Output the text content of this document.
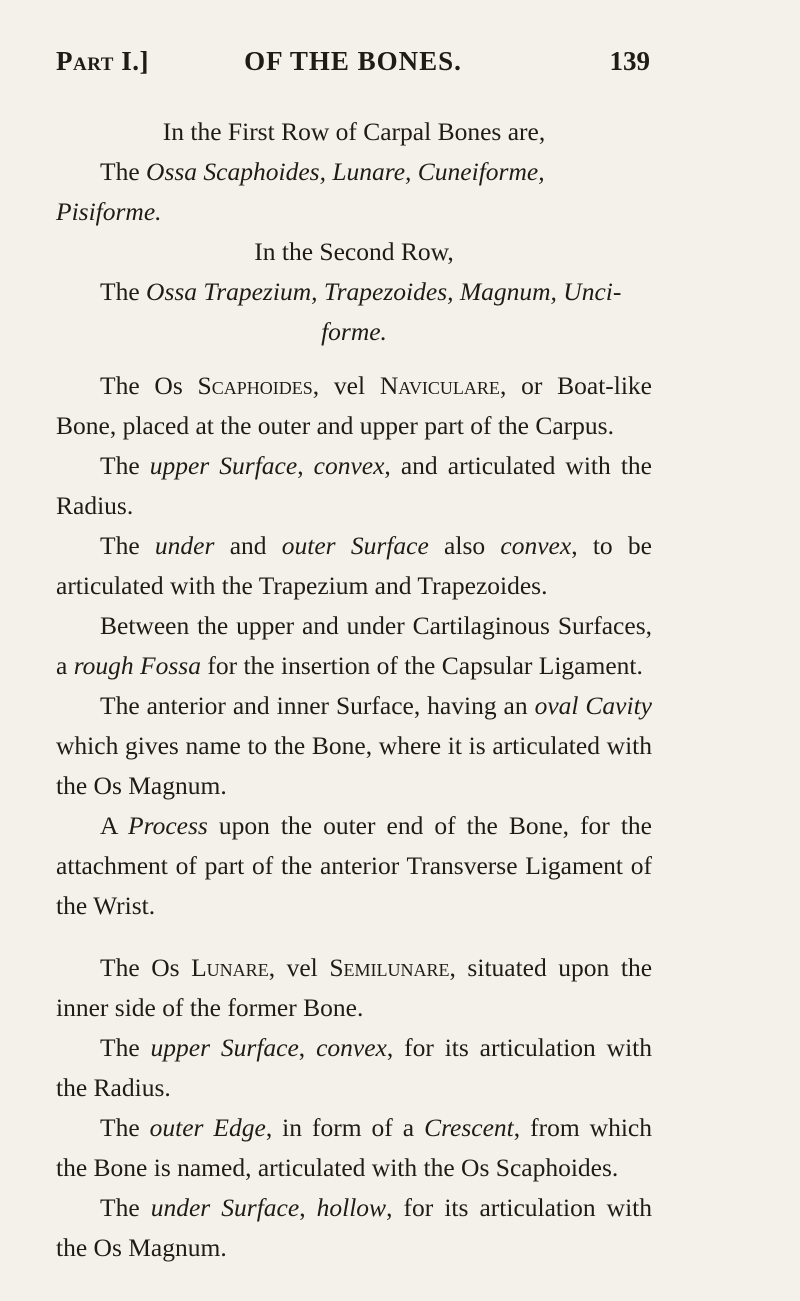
Part I.]	OF THE BONES.	139

In the First Row of Carpal Bones are,

The Ossa Scaphoides, Lunare, Cuneiforme, Pisiforme.

In the Second Row,

The Ossa Trapezium, Trapezoides, Magnum, Unci-

forme.

The Os Scaphoides, vel Naviculare, or Boat-like Bone, placed at the outer and upper part of the Carpus.

The upper Surface, convex, and articulated with the Radius.

The under and outer Surface also convex, to be articulated with the Trapezium and Trapezoides.

Between the upper and under Cartilaginous Surfaces, a rough Fossa for the insertion of the Capsular Ligament.

The anterior and inner Surface, having an oval Cavity which gives name to the Bone, where it is articulated with the Os Magnum.

A Process upon the outer end of the Bone, for the attachment of part of the anterior Transverse Ligament of the Wrist.

The Os Lunare, vel Semilunare, situated upon the inner side of the former Bone.

The upper Surface, convex, for its articulation with the Radius.

The outer Edge, in form of a Crescent, from which the Bone is named, articulated with the Os Scaphoides.

The under Surface, hollow, for its articulation with the Os Magnum.
